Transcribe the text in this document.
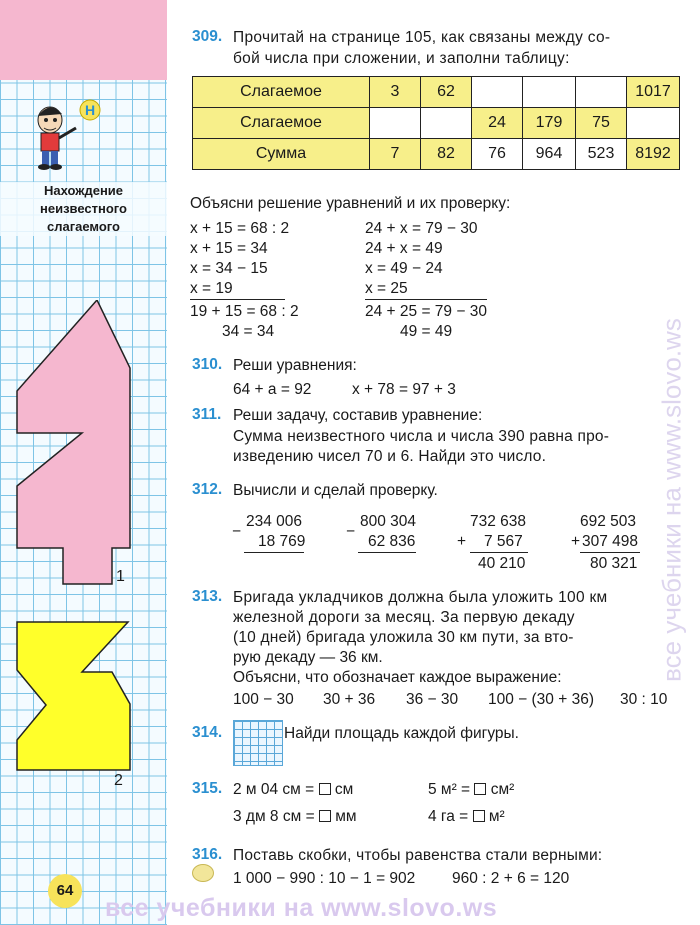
Н
Нахождение
неизвестного
слагаемого
1
2
64
309. Прочитай на странице 105, как связаны между со-
бой числа при сложении, и заполни таблицу:
Слагаемое	3	62				1017
Слагаемое			24	179	75	
Сумма	7	82	76	964	523	8192
Объясни решение уравнений и их проверку:
x + 15 = 68 : 2
x + 15 = 34
x = 34 − 15
x = 19
19 + 15 = 68 : 2
34 = 34
24 + x = 79 − 30
24 + x = 49
x = 49 − 24
x = 25
24 + 25 = 79 − 30
49 = 49
310. Реши уравнения:
64 + a = 92	x + 78 = 97 + 3
311. Реши задачу, составив уравнение:
Сумма неизвестного числа и числа 390 равна про-
изведению чисел 70 и 6. Найди это число.
312. Вычисли и сделай проверку.
234 006
−
18 769
800 304
−
62 836
732 638
+ 7 567
40 210
692 503
+ 307 498
80 321
313. Бригада укладчиков должна была уложить 100 км
железной дороги за месяц. За первую декаду
(10 дней) бригада уложила 30 км пути, за вто-
рую декаду — 36 км.
Объясни, что обозначает каждое выражение:
100 − 30 30 + 36 36 − 30 100 − (30 + 36) 30 : 10
314.	Найди площадь каждой фигуры.
315. 2 м 04 см = см	5 м² = см²
3 дм 8 см = мм	4 га = м²
316. Поставь скобки, чтобы равенства стали верными:
1 000 − 990 : 10 − 1 = 902 960 : 2 + 6 = 120
все учебники на www.slovo.ws
все учебники на www.slovo.ws
